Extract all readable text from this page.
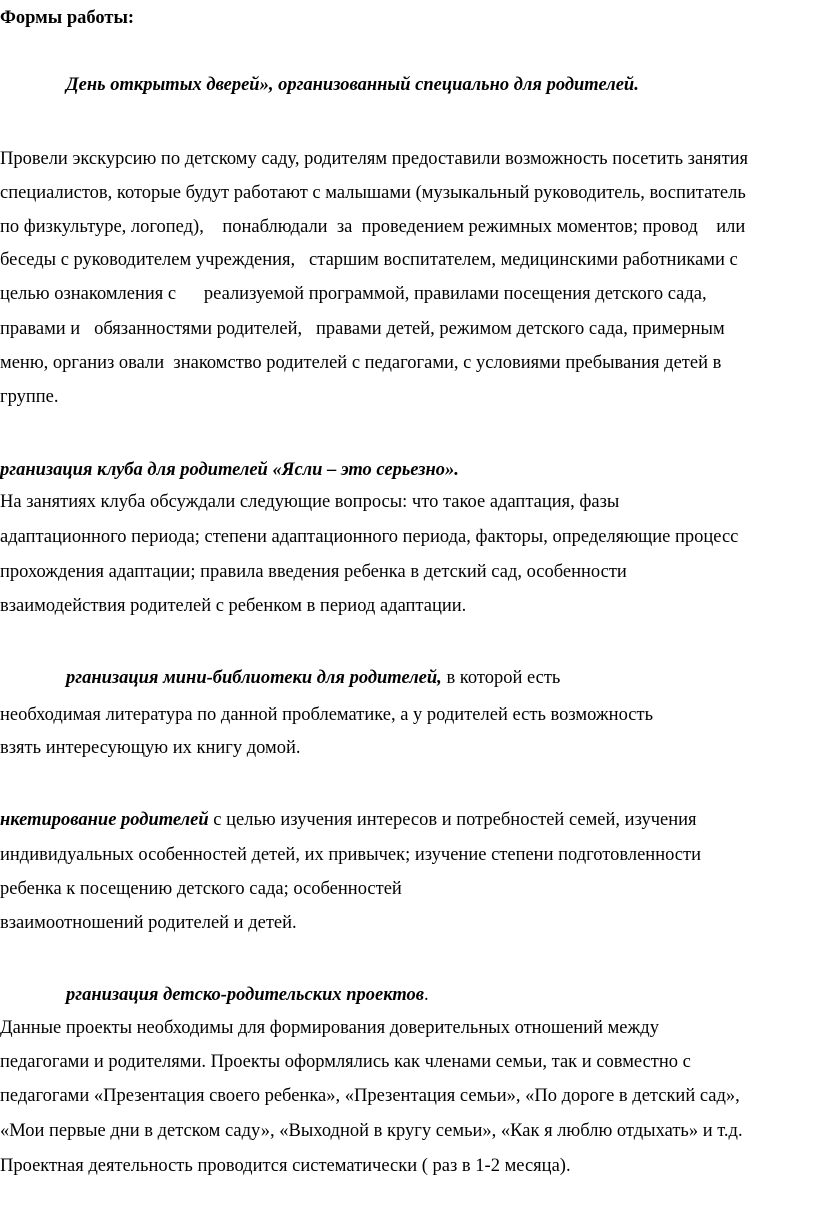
Формы работы:

День открытых дверей», организованный специально для родителей.

Провели экскурсию по детскому саду, родителям предоставили возможность посетить занятия

специалистов, которые будут работают с малышами (музыкальный руководитель, воспитатель

по физкультуре, логопед),    понаблюдали  за  проведением режимных моментов; провод    или

беседы с руководителем учреждения,   старшим воспитателем, медицинскими работниками с

целью ознакомления с      реализуемой программой, правилами посещения детского сада,

правами и   обязанностями родителей,   правами детей, режимом детского сада, примерным

меню, организ овали  знакомство родителей с педагогами, с условиями пребывания детей в

группе.

рганизация клуба для родителей «Ясли – это серьезно».

На занятиях клуба обсуждали следующие вопросы: что такое адаптация, фазы

адаптационного периода; степени адаптационного периода, факторы, определяющие процесс

прохождения адаптации; правила введения ребенка в детский сад, особенности

взаимодействия родителей с ребенком в период адаптации.

рганизация мини-библиотеки для родителей, в которой есть

необходимая литература по данной проблематике, а у родителей есть возможность

взять интересующую их книгу домой.

нкетирование родителей с целью изучения интересов и потребностей семей, изучения

индивидуальных особенностей детей, их привычек; изучение степени подготовленности

ребенка к посещению детского сада; особенностей

взаимоотношений родителей и детей.

рганизация детско-родительских проектов.

Данные проекты необходимы для формирования доверительных отношений между

педагогами и родителями. Проекты оформлялись как членами семьи, так и совместно с

педагогами «Презентация своего ребенка», «Презентация семьи», «По дороге в детский сад»,

«Мои первые дни в детском саду», «Выходной в кругу семьи», «Как я люблю отдыхать» и т.д.

Проектная деятельность проводится систематически ( раз в 1-2 месяца).
